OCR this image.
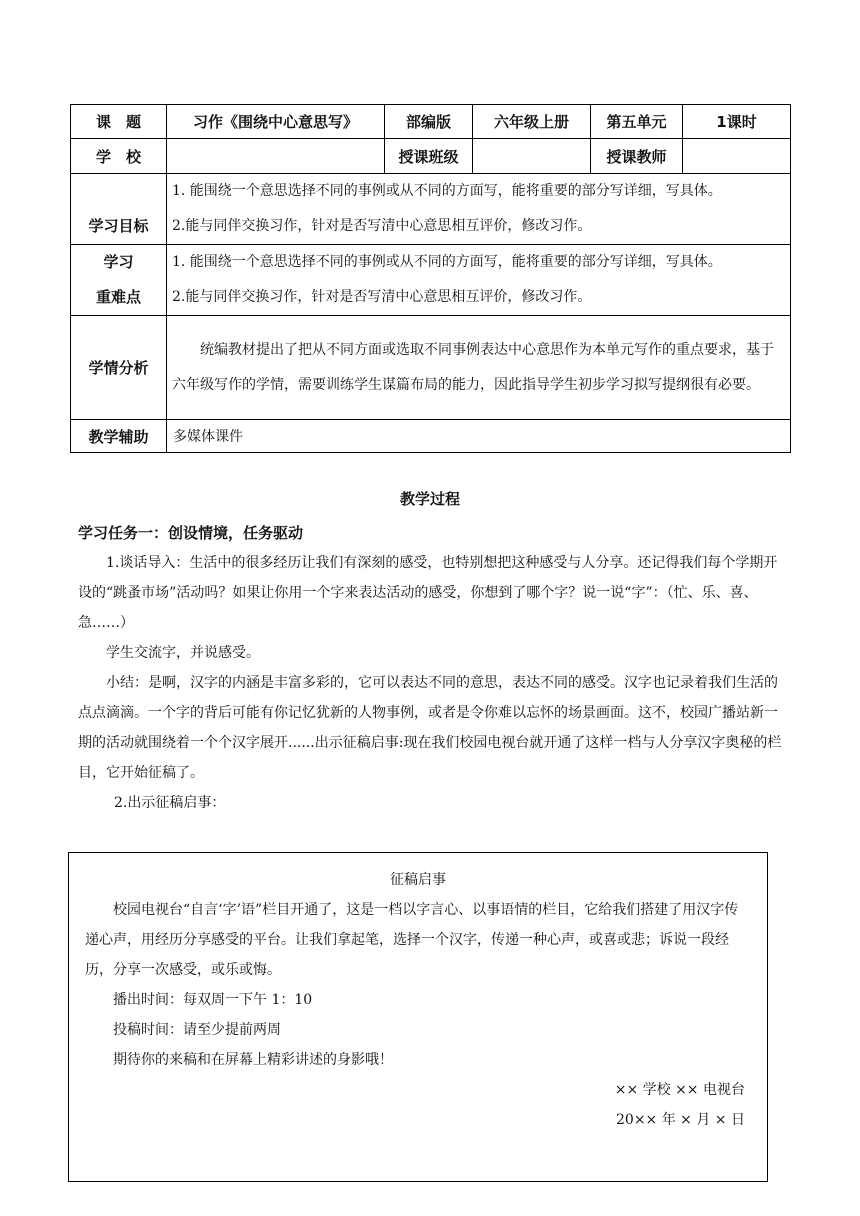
课　题	习作《围绕中心意思写》	部编版	六年级上册	第五单元	1课时
学　校		授课班级		授课教师	
学习目标	1. 能围绕一个意思选择不同的事例或从不同的方面写，能将重要的部分写详细，写具体。
2.能与同伴交换习作，针对是否写清中心意思相互评价，修改习作。				

学习
重难点	1. 能围绕一个意思选择不同的事例或从不同的方面写，能将重要的部分写详细，写具体。
2.能与同伴交换习作，针对是否写清中心意思相互评价，修改习作。				

学情分析	统编教材提出了把从不同方面或选取不同事例表达中心意思作为本单元写作的重点要求，基于六年级写作的学情，需要训练学生谋篇布局的能力，因此指导学生初步学习拟写提纲很有必要。				
教学辅助	多媒体课件				
教学过程
学习任务一：创设情境，任务驱动

1.谈话导入：生活中的很多经历让我们有深刻的感受，也特别想把这种感受与人分享。还记得我们每个学期开设的“跳蚤市场”活动吗？如果让你用一个字来表达活动的感受，你想到了哪个字？说一说“字”：（忙、乐、喜、急……）

学生交流字，并说感受。

小结：是啊，汉字的内涵是丰富多彩的，它可以表达不同的意思，表达不同的感受。汉字也记录着我们生活的点点滴滴。一个字的背后可能有你记忆犹新的人物事例，或者是令你难以忘怀的场景画面。这不，校园广播站新一期的活动就围绕着一个个汉字展开......出示征稿启事:现在我们校园电视台就开通了这样一档与人分享汉字奥秘的栏目，它开始征稿了。

2.出示征稿启事：

征稿启事

校园电视台“自言‘字’语”栏目开通了，这是一档以字言心、以事语情的栏目，它给我们搭建了用汉字传递心声，用经历分享感受的平台。让我们拿起笔，选择一个汉字，传递一种心声，或喜或悲；诉说一段经历，分享一次感受，或乐或悔。

播出时间：每双周一下午 1：10

投稿时间：请至少提前两周

期待你的来稿和在屏幕上精彩讲述的身影哦！

×× 学校 ×× 电视台

20×× 年 × 月 × 日
